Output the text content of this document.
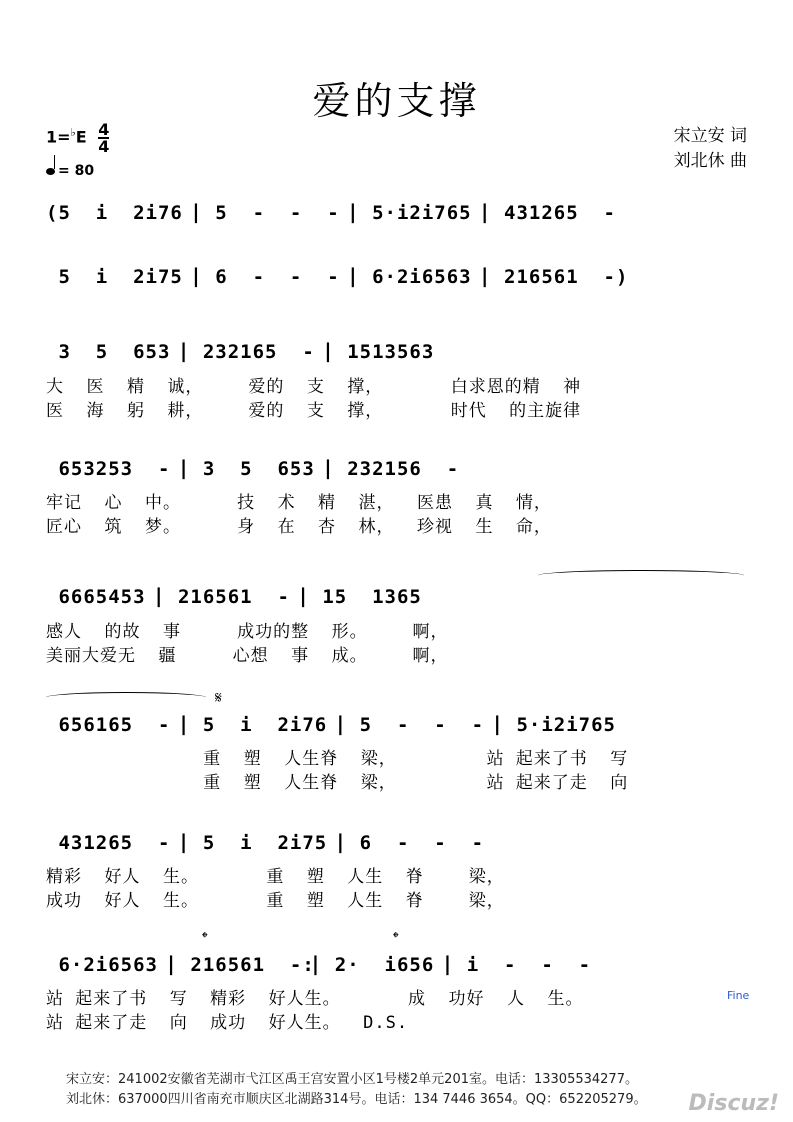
爱的支撑
$1=^♭E \frac{4}{4}$
= 80
宋立安 词
刘北休 曲
(5  i  2i76 ⎸5  -  -  - ⎸5·i2i765 ⎸431265  -
5  i  2i75 ⎸6  -  -  - ⎸6·2i6563 ⎸216561  -)
3  5  653 ⎸232165  - ⎸1513563
大  医  精  诚，    爱的  支  撑，      白求恩的精  神
医  海  躬  耕，    爱的  支  撑，      时代  的主旋律
653253  - ⎸3  5  653 ⎸232156  -
牢记  心  中。     技  术  精  湛，  医患  真  情，
匠心  筑  梦。     身  在  杏  林，  珍视  生  命，
6665453 ⎸216561  - ⎸15  1365
感人  的故  事     成功的整  形。    啊，
美丽大爱无  疆     心想  事  成。    啊，
𝄋
656165  - ⎸5  i  2i76 ⎸5  -  -  - ⎸5·i2i765
重  塑  人生脊  梁，        站 起来了书  写
重  塑  人生脊  梁，        站 起来了走  向
431265  - ⎸5  i  2i75 ⎸6  -  -  -
精彩  好人  生。      重  塑  人生  脊    梁，
成功  好人  生。      重  塑  人生  脊    梁，
𝄌	𝄌
6·2i6563 ⎸216561  -:⎸2·  i656 ⎸i  -  -  -
站 起来了书  写  精彩  好人生。      成  功好  人  生。
站 起来了走  向  成功  好人生。  D.S.
Fine
宋立安：241002安徽省芜湖市弋江区禹王宫安置小区1号楼2单元201室。电话：13305534277。
刘北休：637000四川省南充市顺庆区北湖路314号。电话：134 7446 3654。QQ：652205279。 Discuz!
